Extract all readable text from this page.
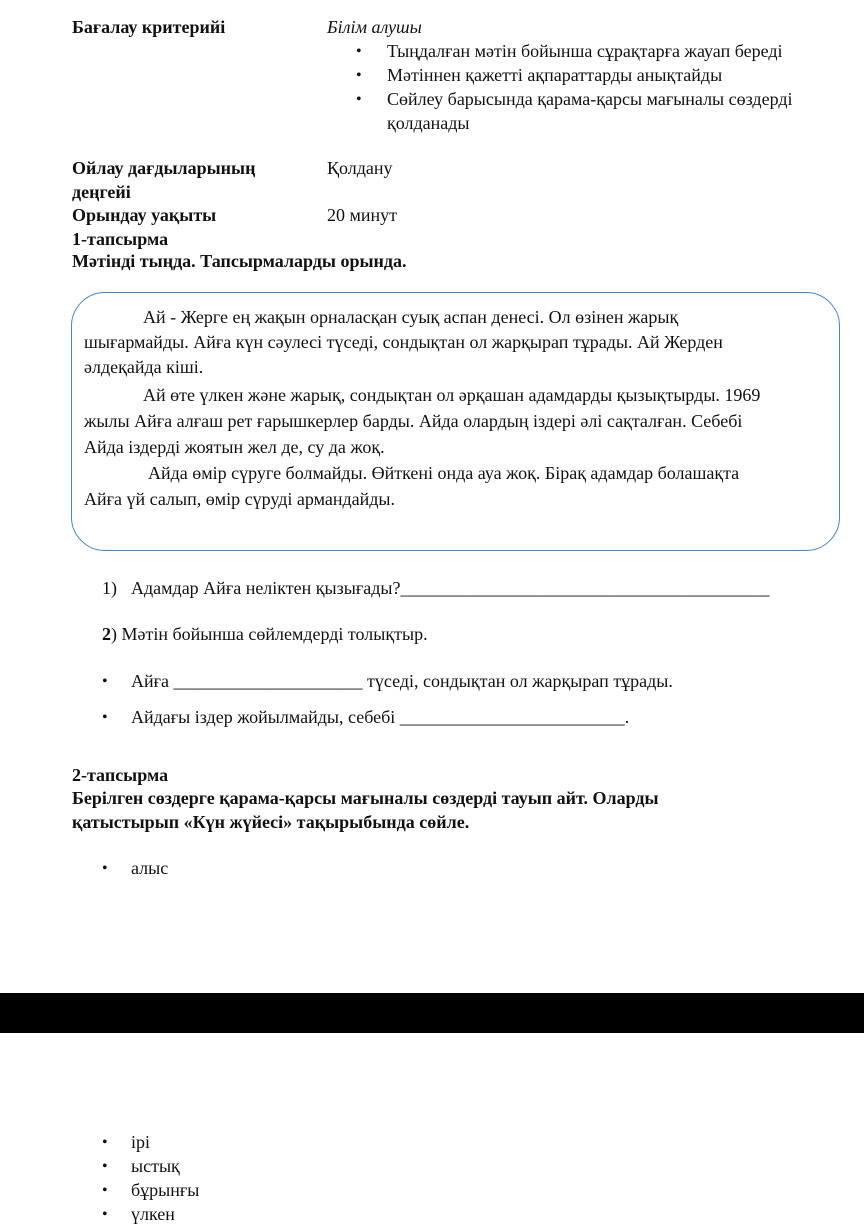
Бағалау критерийі	Білім алушы
• Тыңдалған мәтін бойынша сұрақтарға жауап береді
• Мәтіннен қажетті ақпараттарды анықтайды
• Сөйлеу барысында қарама-қарсы мағыналы сөздерді
қолданады
Ойлау дағдыларының
деңгейі
Қолдану
Орындау уақыты	20 минут
1-тапсырма
Мәтінді тыңда. Тапсырмаларды орында.
Ай - Жерге ең жақын орналасқан суық аспан денесі. Ол өзінен жарық
шығармайды. Айға күн сәулесі түседі, сондықтан ол жарқырап тұрады. Ай Жерден
әлдеқайда кіші.
Ай өте үлкен және жарық, сондықтан ол әрқашан адамдарды қызықтырды. 1969
жылы Айға алғаш рет ғарышкерлер барды. Айда олардың іздері әлі сақталған. Себебі
Айда іздерді жоятын жел де, су да жоқ.
Айда өмір сүруге болмайды. Өйткені онда ауа жоқ. Бірақ адамдар болашақта
Айға үй салып, өмір сүруді армандайды.
1) Адамдар Айға неліктен қызығады?_________________________________________
2) Мәтін бойынша сөйлемдерді толықтыр.
• Айға _____________________ түседі, сондықтан ол жарқырап тұрады.
• Айдағы іздер жойылмайды, себебі _________________________.
2-тапсырма
Берілген сөздерге қарама-қарсы мағыналы сөздерді тауып айт. Оларды
қатыстырып «Күн жүйесі» тақырыбында сөйле.
• алыс
• ірі
• ыстық
• бұрынғы
• үлкен
